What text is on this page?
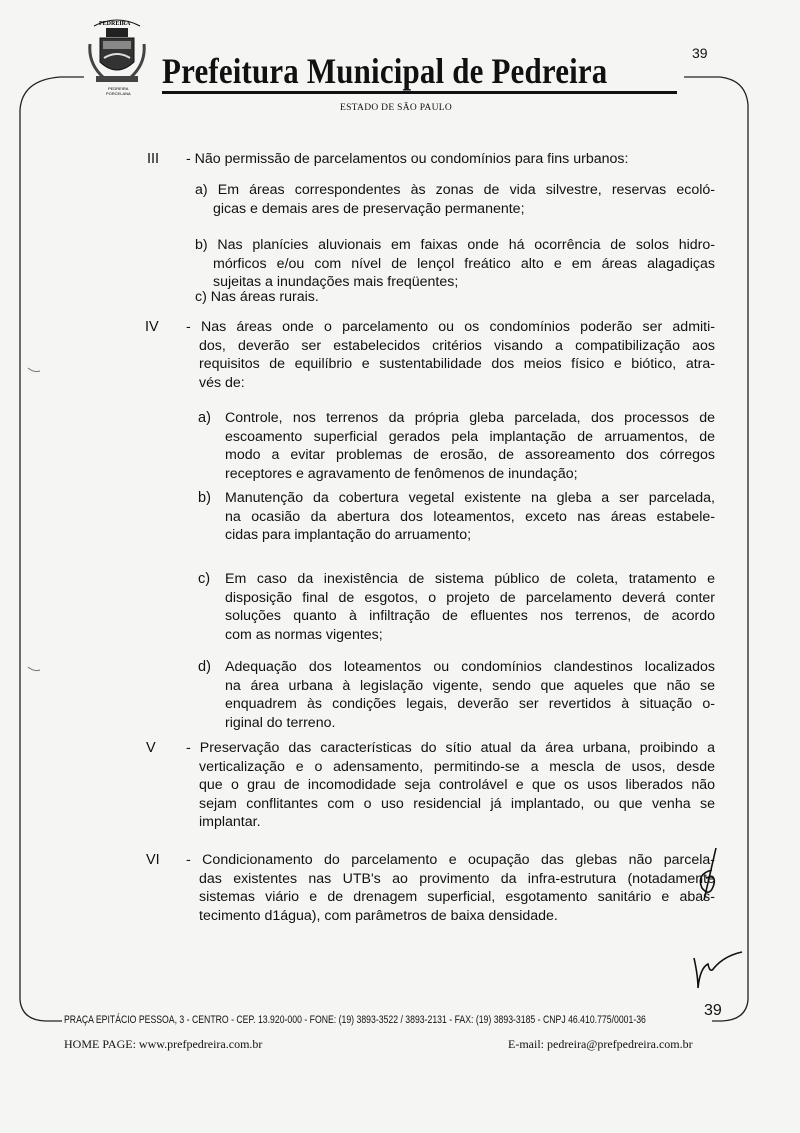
PEDREIRA
PEDREIRA
PORCELANA
Prefeitura Municipal de Pedreira	39
ESTADO DE SÃO PAULO
III - Não permissão de parcelamentos ou condomínios para fins urbanos:
a) Em áreas correspondentes às zonas de vida silvestre, reservas ecoló-
gicas e demais ares de preservação permanente;
b) Nas planícies aluvionais em faixas onde há ocorrência de solos hidro-
mórficos e/ou com nível de lençol freático alto e em áreas alagadiças
sujeitas a inundações mais freqüentes;
c) Nas áreas rurais.
IV - Nas áreas onde o parcelamento ou os condomínios poderão ser admiti-
dos, deverão ser estabelecidos critérios visando a compatibilização aos
requisitos de equilíbrio e sustentabilidade dos meios físico e biótico, atra-
vés de:
a) Controle, nos terrenos da própria gleba parcelada, dos processos de
escoamento superficial gerados pela implantação de arruamentos, de
modo a evitar problemas de erosão, de assoreamento dos córregos
receptores e agravamento de fenômenos de inundação;
b) Manutenção da cobertura vegetal existente na gleba a ser parcelada,
na ocasião da abertura dos loteamentos, exceto nas áreas estabele-
cidas para implantação do arruamento;
c) Em caso da inexistência de sistema público de coleta, tratamento e
disposição final de esgotos, o projeto de parcelamento deverá conter
soluções quanto à infiltração de efluentes nos terrenos, de acordo
com as normas vigentes;
d) Adequação dos loteamentos ou condomínios clandestinos localizados
na área urbana à legislação vigente, sendo que aqueles que não se
enquadrem às condições legais, deverão ser revertidos à situação o-
riginal do terreno.
V - Preservação das características do sítio atual da área urbana, proibindo a
verticalização e o adensamento, permitindo-se a mescla de usos, desde
que o grau de incomodidade seja controlável e que os usos liberados não
sejam conflitantes com o uso residencial já implantado, ou que venha se
implantar.
VI - Condicionamento do parcelamento e ocupação das glebas não parcela-
das existentes nas UTB's ao provimento da infra-estrutura (notadamente
sistemas viário e de drenagem superficial, esgotamento sanitário e abas-
tecimento d1água), com parâmetros de baixa densidade.
PRAÇA EPITÁCIO PESSOA, 3 - CENTRO - CEP. 13.920-000 - FONE: (19) 3893-3522 / 3893-2131 - FAX: (19) 3893-3185 - CNPJ 46.410.775/0001-36
39
HOME PAGE: www.prefpedreira.com.br	E-mail: pedreira@prefpedreira.com.br
